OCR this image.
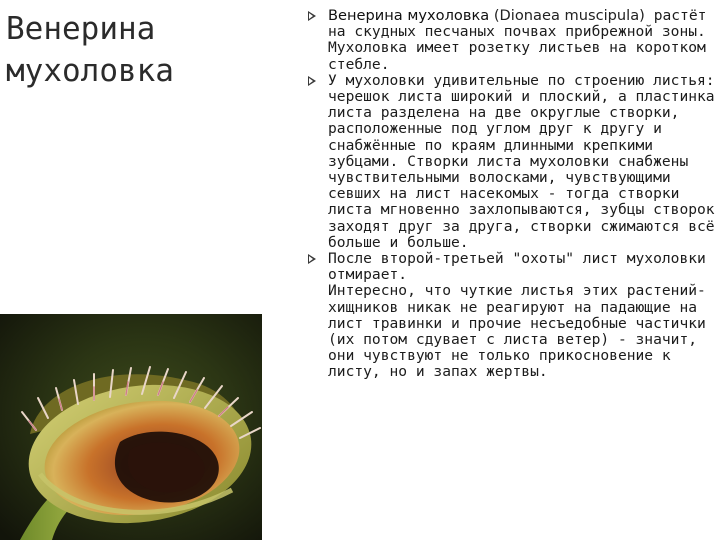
Венерина
мухоловка
Венерина мухоловка (Dionaea muscipula) растёт на скудных песчаных почвах прибрежной зоны. Мухоловка имеет розетку листьев на коротком стебле.
У мухоловки удивительные по строению листья: черешок листа широкий и плоский, а пластинка листа разделена на две округлые створки, расположенные под углом друг к другу и снабжённые по краям длинными крепкими зубцами. Створки листа мухоловки снабжены чувствительными волосками, чувствующими севших на лист насекомых - тогда створки листа мгновенно захлопываются, зубцы створок заходят друг за друга, створки сжимаются всё больше и больше.
После второй-третьей "охоты" лист мухоловки отмирает.

Интересно, что чуткие листья этих растений-хищников никак не реагируют на падающие на лист травинки и прочие несъедобные частички (их потом сдувает с листа ветер) - значит, они чувствуют не только прикосновение к листу, но и запах жертвы.
